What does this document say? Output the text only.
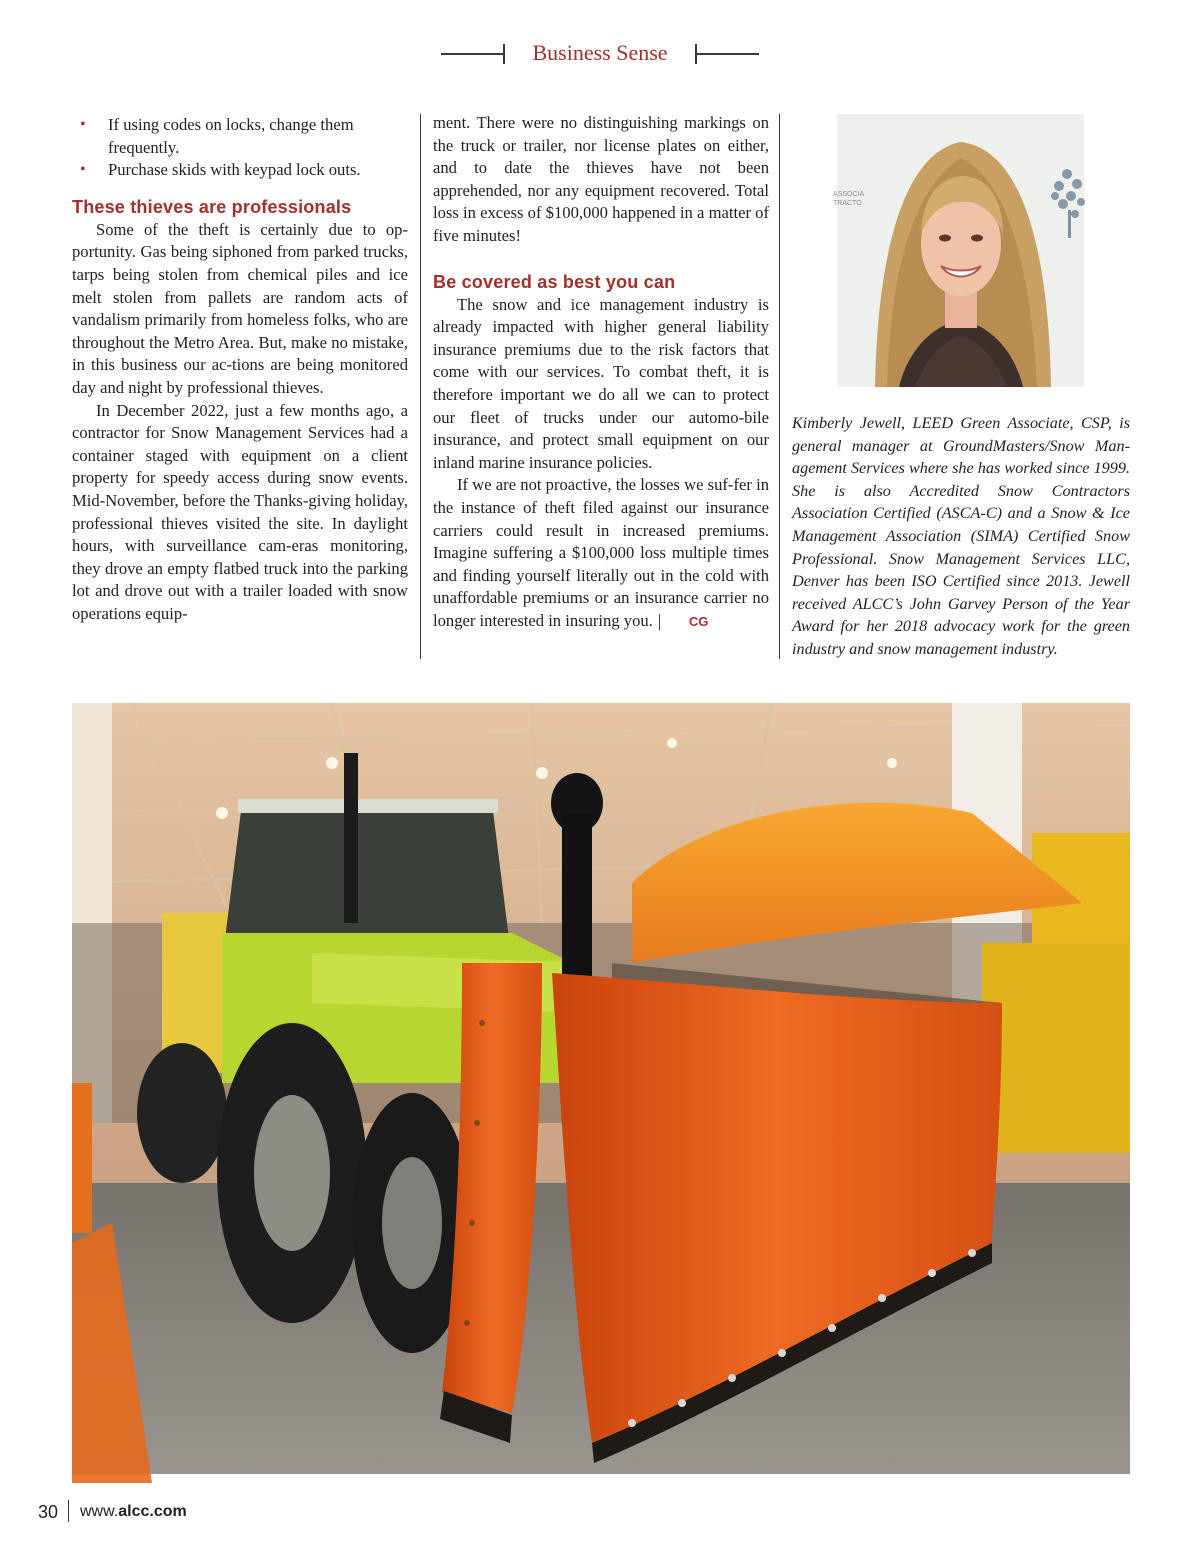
Business Sense
• If using codes on locks, change them frequently.
• Purchase skids with keypad lock outs.
These thieves are professionals

Some of the theft is certainly due to op-portunity. Gas being siphoned from parked trucks, tarps being stolen from chemical piles and ice melt stolen from pallets are random acts of vandalism primarily from homeless folks, who are throughout the Metro Area. But, make no mistake, in this business our ac-tions are being monitored day and night by professional thieves.

In December 2022, just a few months ago, a contractor for Snow Management Services had a container staged with equipment on a client property for speedy access during snow events. Mid-November, before the Thanks-giving holiday, professional thieves visited the site. In daylight hours, with surveillance cam-eras monitoring, they drove an empty flatbed truck into the parking lot and drove out with a trailer loaded with snow operations equip-

ment. There were no distinguishing markings on the truck or trailer, nor license plates on either, and to date the thieves have not been apprehended, nor any equipment recovered. Total loss in excess of $100,000 happened in a matter of five minutes!

Be covered as best you can

The snow and ice management industry is already impacted with higher general liability insurance premiums due to the risk factors that come with our services. To combat theft, it is therefore important we do all we can to protect our fleet of trucks under our automo-bile insurance, and protect small equipment on our inland marine insurance policies.

If we are not proactive, the losses we suf-fer in the instance of theft filed against our insurance carriers could result in increased premiums. Imagine suffering a $100,000 loss multiple times and finding yourself literally out in the cold with unaffordable premiums or an insurance carrier no longer interested in insuring you.	CG

ASSOCIA
TRACTO

Kimberly Jewell, LEED Green Associate, CSP, is general manager at GroundMasters/Snow Man-agement Services where she has worked since 1999. She is also Accredited Snow Contractors Association Certified (ASCA-C) and a Snow & Ice Management Association (SIMA) Certified Snow Professional. Snow Management Services LLC, Denver has been ISO Certified since 2013. Jewell received ALCC’s John Garvey Person of the Year Award for her 2018 advocacy work for the green industry and snow management industry.

30 www.alcc.com
